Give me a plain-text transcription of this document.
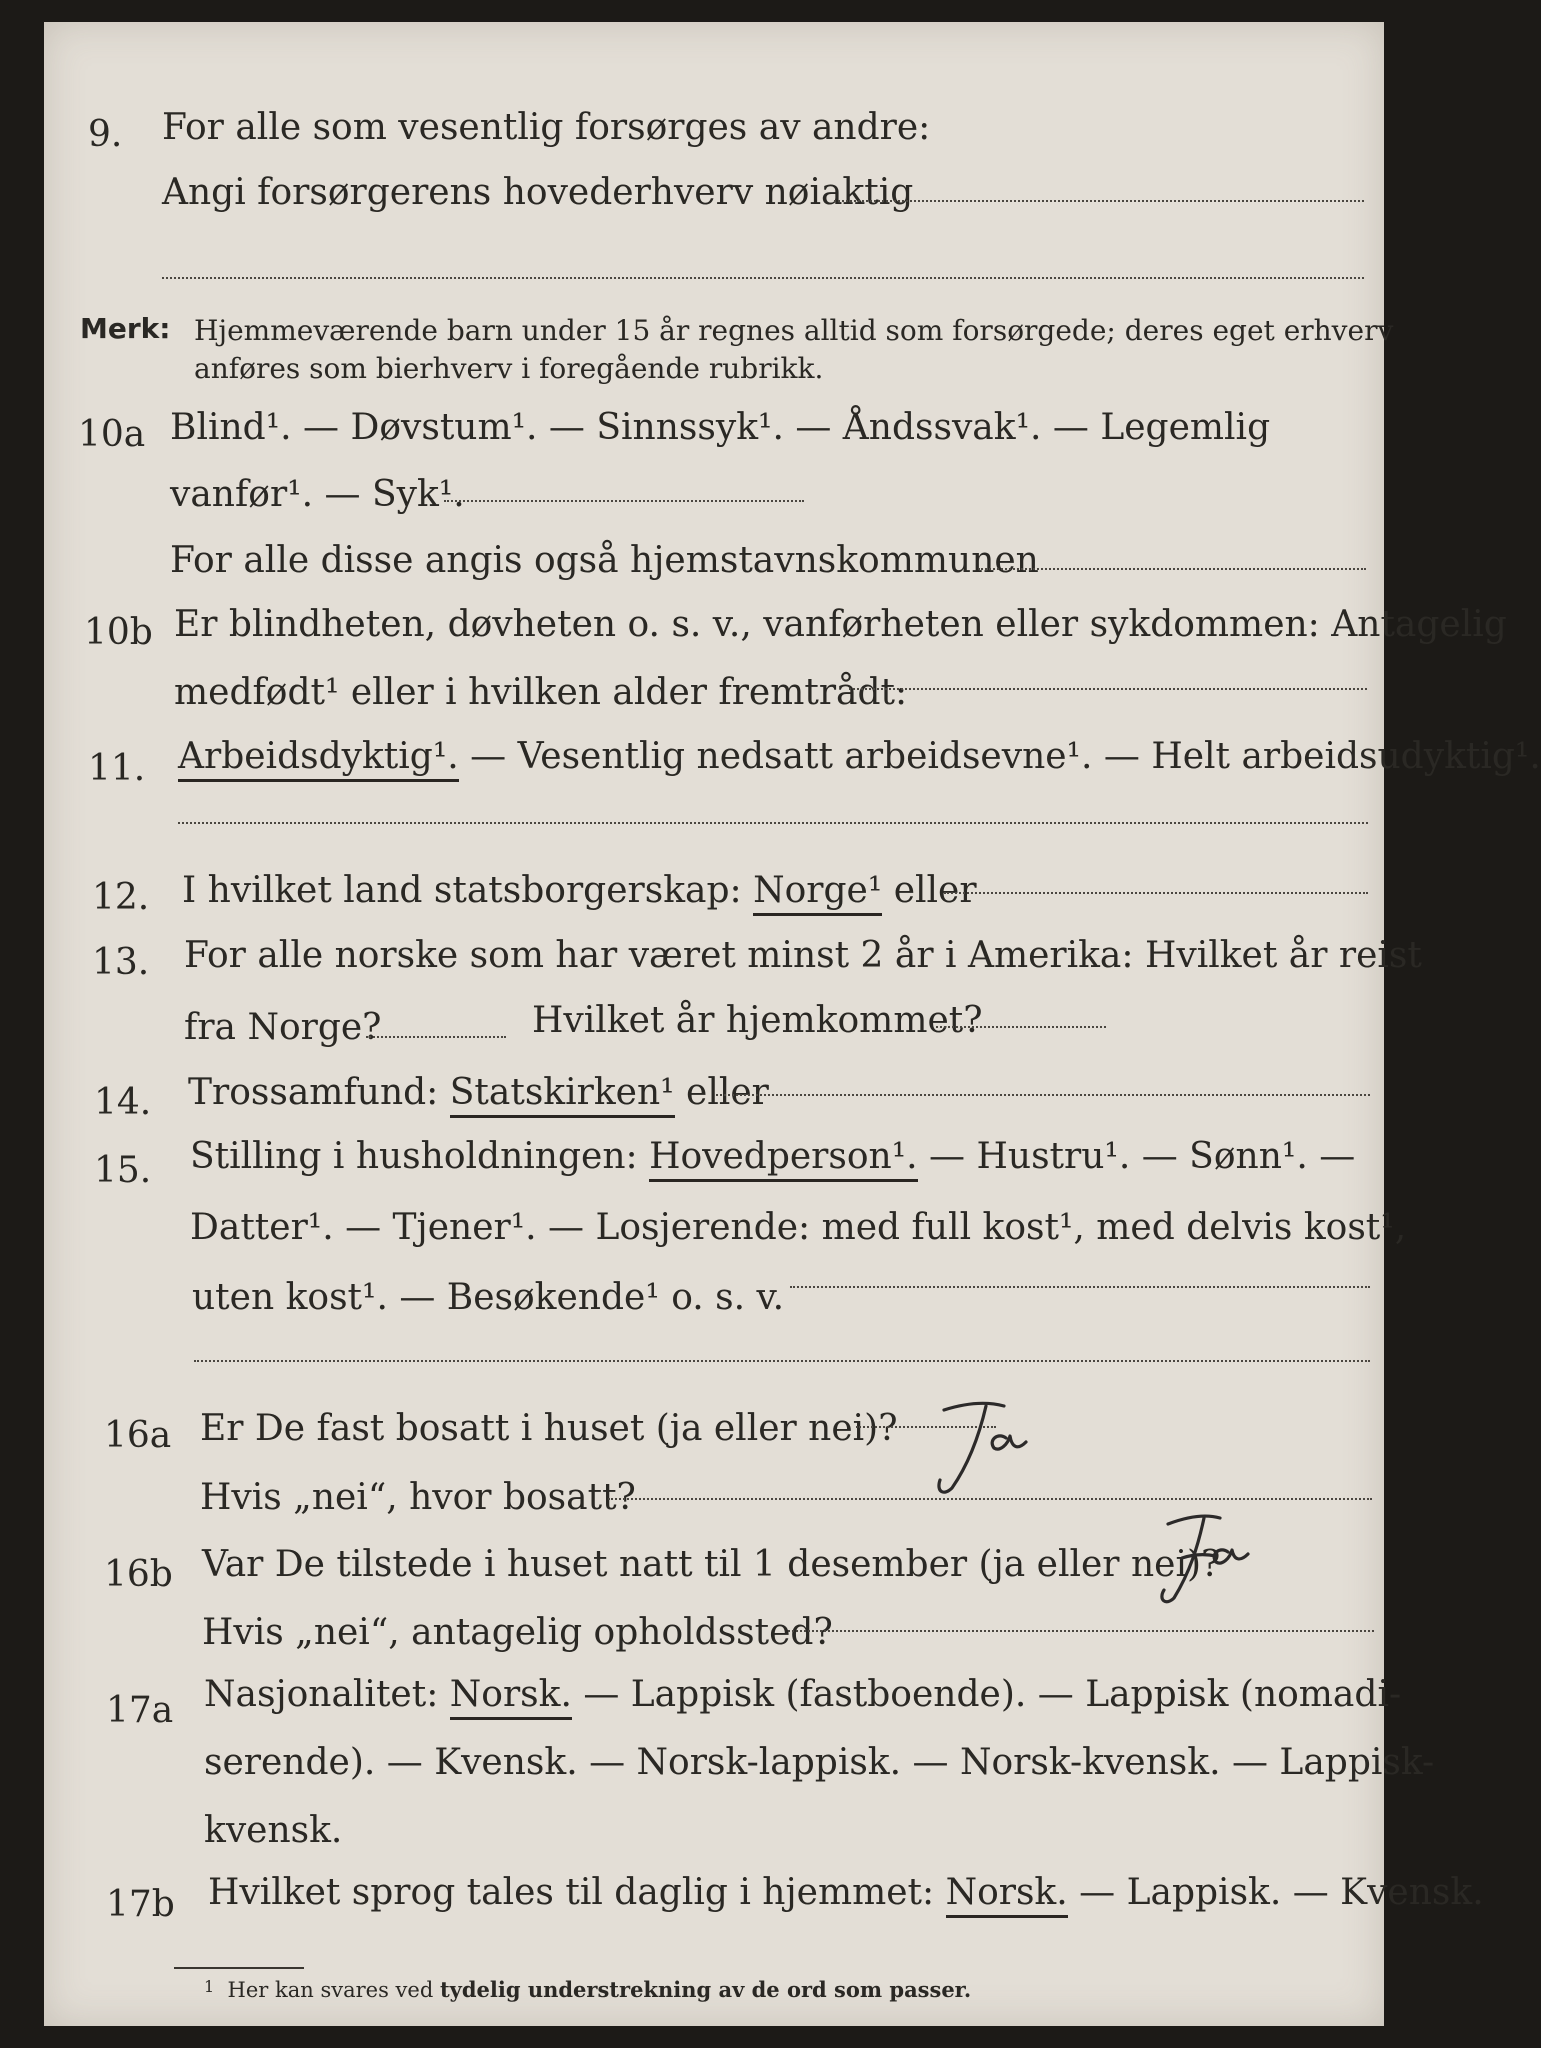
9. For alle som vesentlig forsørges av andre:
Angi forsørgerens hovederhverv nøiaktig
Merk: Hjemmeværende barn under 15 år regnes alltid som forsørgede; deres eget erhverv
anføres som bierhverv i foregående rubrikk.
10a Blind¹. — Døvstum¹. — Sinnssyk¹. — Åndssvak¹. — Legemlig
vanfør¹. — Syk¹.
For alle disse angis også hjemstavnskommunen
10b Er blindheten, døvheten o. s. v., vanførheten eller sykdommen: Antagelig
medfødt¹ eller i hvilken alder fremtrådt:
11. Arbeidsdyktig¹. — Vesentlig nedsatt arbeidsevne¹. — Helt arbeidsudyktig¹.
12. I hvilket land statsborgerskap: Norge¹ eller
13. For alle norske som har været minst 2 år i Amerika: Hvilket år reist
fra Norge?	Hvilket år hjemkommet?
14. Trossamfund: Statskirken¹ eller
15. Stilling i husholdningen: Hovedperson¹. — Hustru¹. — Sønn¹. —
Datter¹. — Tjener¹. — Losjerende: med full kost¹, med delvis kost¹,
uten kost¹. — Besøkende¹ o. s. v.
16a Er De fast bosatt i huset (ja eller nei)?
Hvis „nei“, hvor bosatt?
16b Var De tilstede i huset natt til 1 desember (ja eller nei)?
Hvis „nei“, antagelig opholdssted?
17a Nasjonalitet: Norsk. — Lappisk (fastboende). — Lappisk (nomadi-
serende). — Kvensk. — Norsk-lappisk. — Norsk-kvensk. — Lappisk-
kvensk.
17b Hvilket sprog tales til daglig i hjemmet: Norsk. — Lappisk. — Kvensk.
$^1$ Her kan svares ved tydelig understrekning av de ord som passer.
